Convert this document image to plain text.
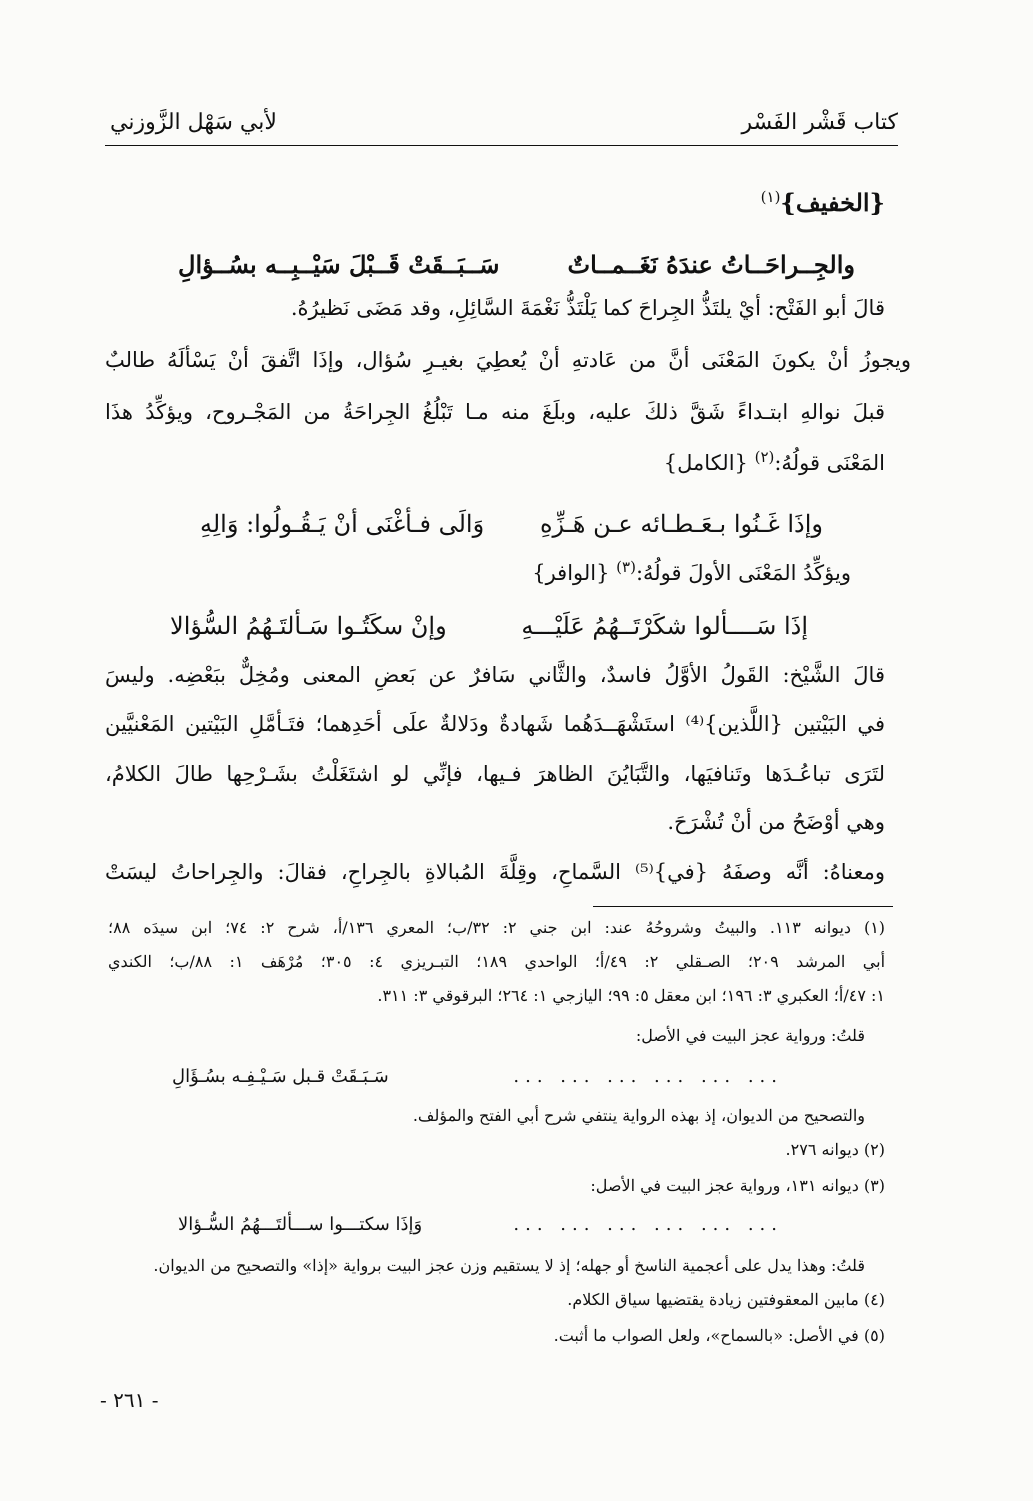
كتاب قَشْر الفَسْر
لأبي سَهْل الزَّوزني
{الخفيف}$^{(١)}$
والجِــراحَــاتُ عندَهُ نَغَــمــاتٌ
سَــبَــقَتْ قَــبْلَ سَيْــبِــه بسُــؤالِ
قالَ أبو الفَتْح: أيْ يلتَذُّ الجِراحَ كما يَلْتَذُّ نَغْمَةَ السَّائِلِ، وقد مَضَى نَظيرُهُ.
ويجوزُ أنْ يكونَ المَعْنَى أنَّ من عَادتهِ أنْ يُعطِيَ بغيـرِ سُؤال، وإذَا اتَّفقَ أنْ يَسْألَهُ طالبٌ
قبلَ نوالهِ ابتـداءً شَقَّ ذلكَ عليه، وبلَغَ منه مـا تَبْلُغُ الجِراحَةُ من المَجْـروح، ويؤكِّدُ هذَا
المَعْنَى قولُهُ:$^{(٢)}$ {الكامل}
وإذَا غَـنُوا بـعَـطـائه عـن هَـزِّهِ
وَالَى فـأغْنَى أنْ يَـقُـولُوا: وَالِهِ
ويؤكِّدُ المَعْنَى الأولَ قولُهُ:$^{(٣)}$ {الوافر}
إذَا سَــــألوا شكَرْتَــهُمُ عَلَيْـــهِ
وإنْ سكَتُـوا سَـألتَـهُمُ السُّؤالا
قالَ الشَّيْخ: القَولُ الأوَّلُ فاسدٌ، والثَّاني سَافرٌ عن بَعضِ المعنى ومُخِلٌّ ببَعْضِه. وليسَ
في البَيْتين {اللَّذين}⁽⁴⁾ استَشْهَــدَهُما شَهادةٌ ودَلالةٌ علَى أحَدِهما؛ فتَـأمَّلِ البَيْتين المَعْنيَّين
لتَرَى تباعُـدَها وتَنافيَها، والتَّبَايُنَ الظاهرَ فـيها، فإنِّي لو اشتَغَلْتُ بشَـرْحِها طالَ الكلامُ،
وهي أوْضَحُ من أنْ تُشْرَحَ.
ومعناهُ: أنَّه وصفَهُ {في}⁽⁵⁾ السَّماحِ، وقِلَّةَ المُبالاةِ بالجِراحِ، فقالَ: والجِراحاتُ ليسَتْ
(١) ديوانه ١١٣. والبيتُ وشروحُهُ عند: ابن جني ٢: ٣٢/ب؛ المعري ١٣٦/أ، شرح ٢: ٧٤؛ ابن سيدَه ٨٨؛
أبي المرشد ٢٠٩؛ الصـقلي ٢: ٤٩/أ؛ الواحدي ١٨٩؛ التبـريزي ٤: ٣٠٥؛ مُرْهَف ١: ٨٨/ب؛ الكندي
١: ٤٧/أ؛ العكبري ٣: ١٩٦؛ ابن معقل ٥: ٩٩؛ اليازجي ١: ٢٦٤؛ البرقوقي ٣: ٣١١.
قلتُ: ورواية عجز البيت في الأصل:
... ... ... ... ... ...
سَـبَـقَتْ قـبل سَـيْـفِـه بسُـؤَالِ
والتصحيح من الديوان، إذ بهذه الرواية ينتفي شرح أبي الفتح والمؤلف.
(٢) ديوانه ٢٧٦.
(٣) ديوانه ١٣١، ورواية عجز البيت في الأصل:
... ... ... ... ... ...
وَإذَا سكتـــوا ســـألتَـــهُمُ السُّـؤالا
قلتُ: وهذا يدل على أعجمية الناسخ أو جهله؛ إذ لا يستقيم وزن عجز البيت برواية «إذا» والتصحيح من الديوان.
(٤) مابين المعقوفتين زيادة يقتضيها سياق الكلام.
(٥) في الأصل: «بالسماح»، ولعل الصواب ما أثبت.
- ٢٦١ -
